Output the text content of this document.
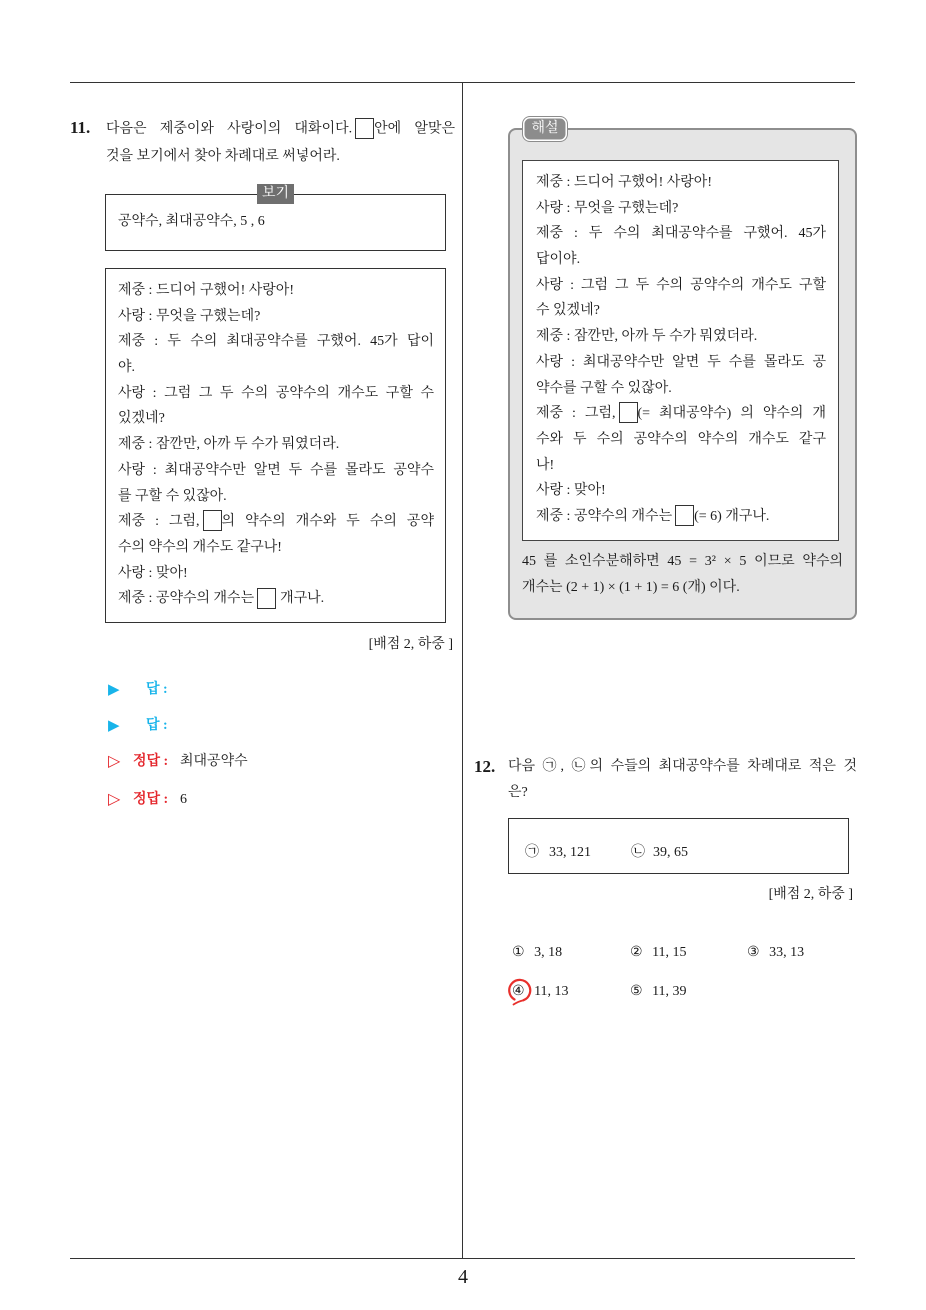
11. 다음은 제중이와 사랑이의 대화이다. 안에 알맞은
것을 보기에서 찾아 차례대로 써넣어라.
보기
공약수, 최대공약수, 5 , 6
제중 : 드디어 구했어! 사랑아!
사랑 : 무엇을 구했는데?
제중 : 두 수의 최대공약수를 구했어. 45가 답이
야.
사랑 : 그럼 그 두 수의 공약수의 개수도 구할 수
있겠네?
제중 : 잠깐만, 아까 두 수가 뭐였더라.
사랑 : 최대공약수만 알면 두 수를 몰라도 공약수
를 구할 수 있잖아.
제중 : 그럼, 의 약수의 개수와 두 수의 공약
수의 약수의 개수도 같구나!
사랑 : 맞아!
제중 : 공약수의 개수는 개구나.
[배점 2, 하중 ]
▶ 답 :
▶ 답 :
▷ 정답 : 최대공약수
▷ 정답 : 6
해설
제중 : 드디어 구했어! 사랑아!
사랑 : 무엇을 구했는데?
제중 : 두 수의 최대공약수를 구했어. 45가
답이야.
사랑 : 그럼 그 두 수의 공약수의 개수도 구할
수 있겠네?
제중 : 잠깐만, 아까 두 수가 뭐였더라.
사랑 : 최대공약수만 알면 두 수를 몰라도 공
약수를 구할 수 있잖아.
제중 : 그럼, (= 최대공약수) 의 약수의 개
수와 두 수의 공약수의 약수의 개수도 같구
나!
사랑 : 맞아!
제중 : 공약수의 개수는 (= 6) 개구나.
45 를 소인수분해하면 45 = 3² × 5 이므로 약수의
개수는 (2 + 1) × (1 + 1) = 6 (개) 이다.
12. 다음 ㉠, ㉡의 수들의 최대공약수를 차례대로 적은 것
은?
㉠ 33, 121	㉡ 39, 65
[배점 2, 하중 ]
① 3, 18	② 11, 15	③ 33, 13
④ 11, 13	⑤ 11, 39
4
